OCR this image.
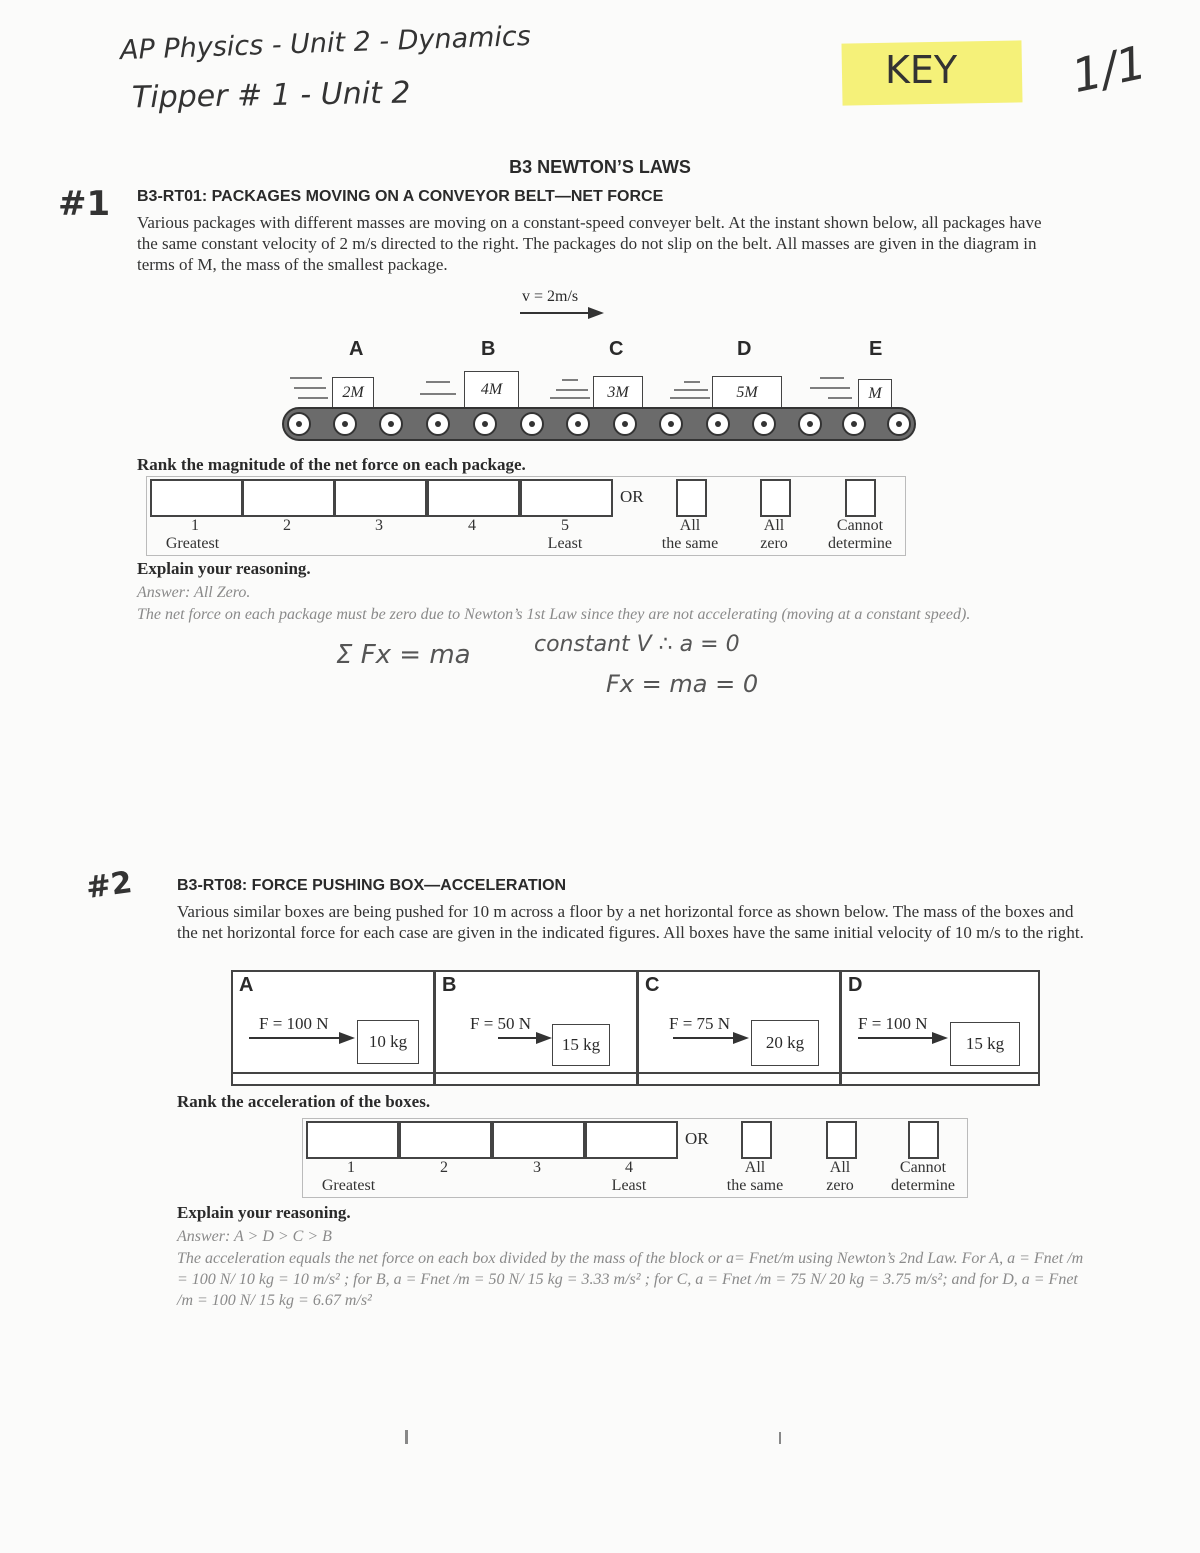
AP Physics - Unit 2 - Dynamics
Tipper # 1 - Unit 2
KEY 1/1
B3 NEWTON’S LAWS
#1 B3-RT01: PACKAGES MOVING ON A CONVEYOR BELT—NET FORCE
Various packages with different masses are moving on a constant-speed conveyer belt. At the instant shown below, all packages have the same constant velocity of 2 m/s directed to the right. The packages do not slip on the belt. All masses are given in the diagram in terms of M, the mass of the smallest package.
v = 2m/s
A	B	C	D	E
2M	4M	3M	5M	M
Rank the magnitude of the net force on each package.
OR
1	2	3	4	5
Greatest	Least
All
the same
All
zero
Cannot
determine
Explain your reasoning.
Answer: All Zero.
The net force on each package must be zero due to Newton’s 1st Law since they are not accelerating (moving at a constant speed).
Σ Fx = ma	constant V ∴ a = 0
Fx = ma = 0
#2	B3-RT08: FORCE PUSHING BOX—ACCELERATION
Various similar boxes are being pushed for 10 m across a floor by a net horizontal force as shown below. The mass of the boxes and the net horizontal force for each case are given in the indicated figures. All boxes have the same initial velocity of 10 m/s to the right.
A
F = 100 N
10 kg
B
F = 50 N
15 kg
C
F = 75 N
20 kg
D
F = 100 N
15 kg
Rank the acceleration of the boxes.
OR
1	2	3	4
Greatest	Least
All
the same
All
zero
Cannot
determine
Explain your reasoning.
Answer: A > D > C > B
The acceleration equals the net force on each box divided by the mass of the block or a= Fnet/m using Newton’s 2nd Law. For A, a = Fnet /m = 100 N/ 10 kg = 10 m/s² ; for B, a = Fnet /m = 50 N/ 15 kg = 3.33 m/s² ; for C, a = Fnet /m = 75 N/ 20 kg = 3.75 m/s²; and for D, a = Fnet /m = 100 N/ 15 kg = 6.67 m/s²
